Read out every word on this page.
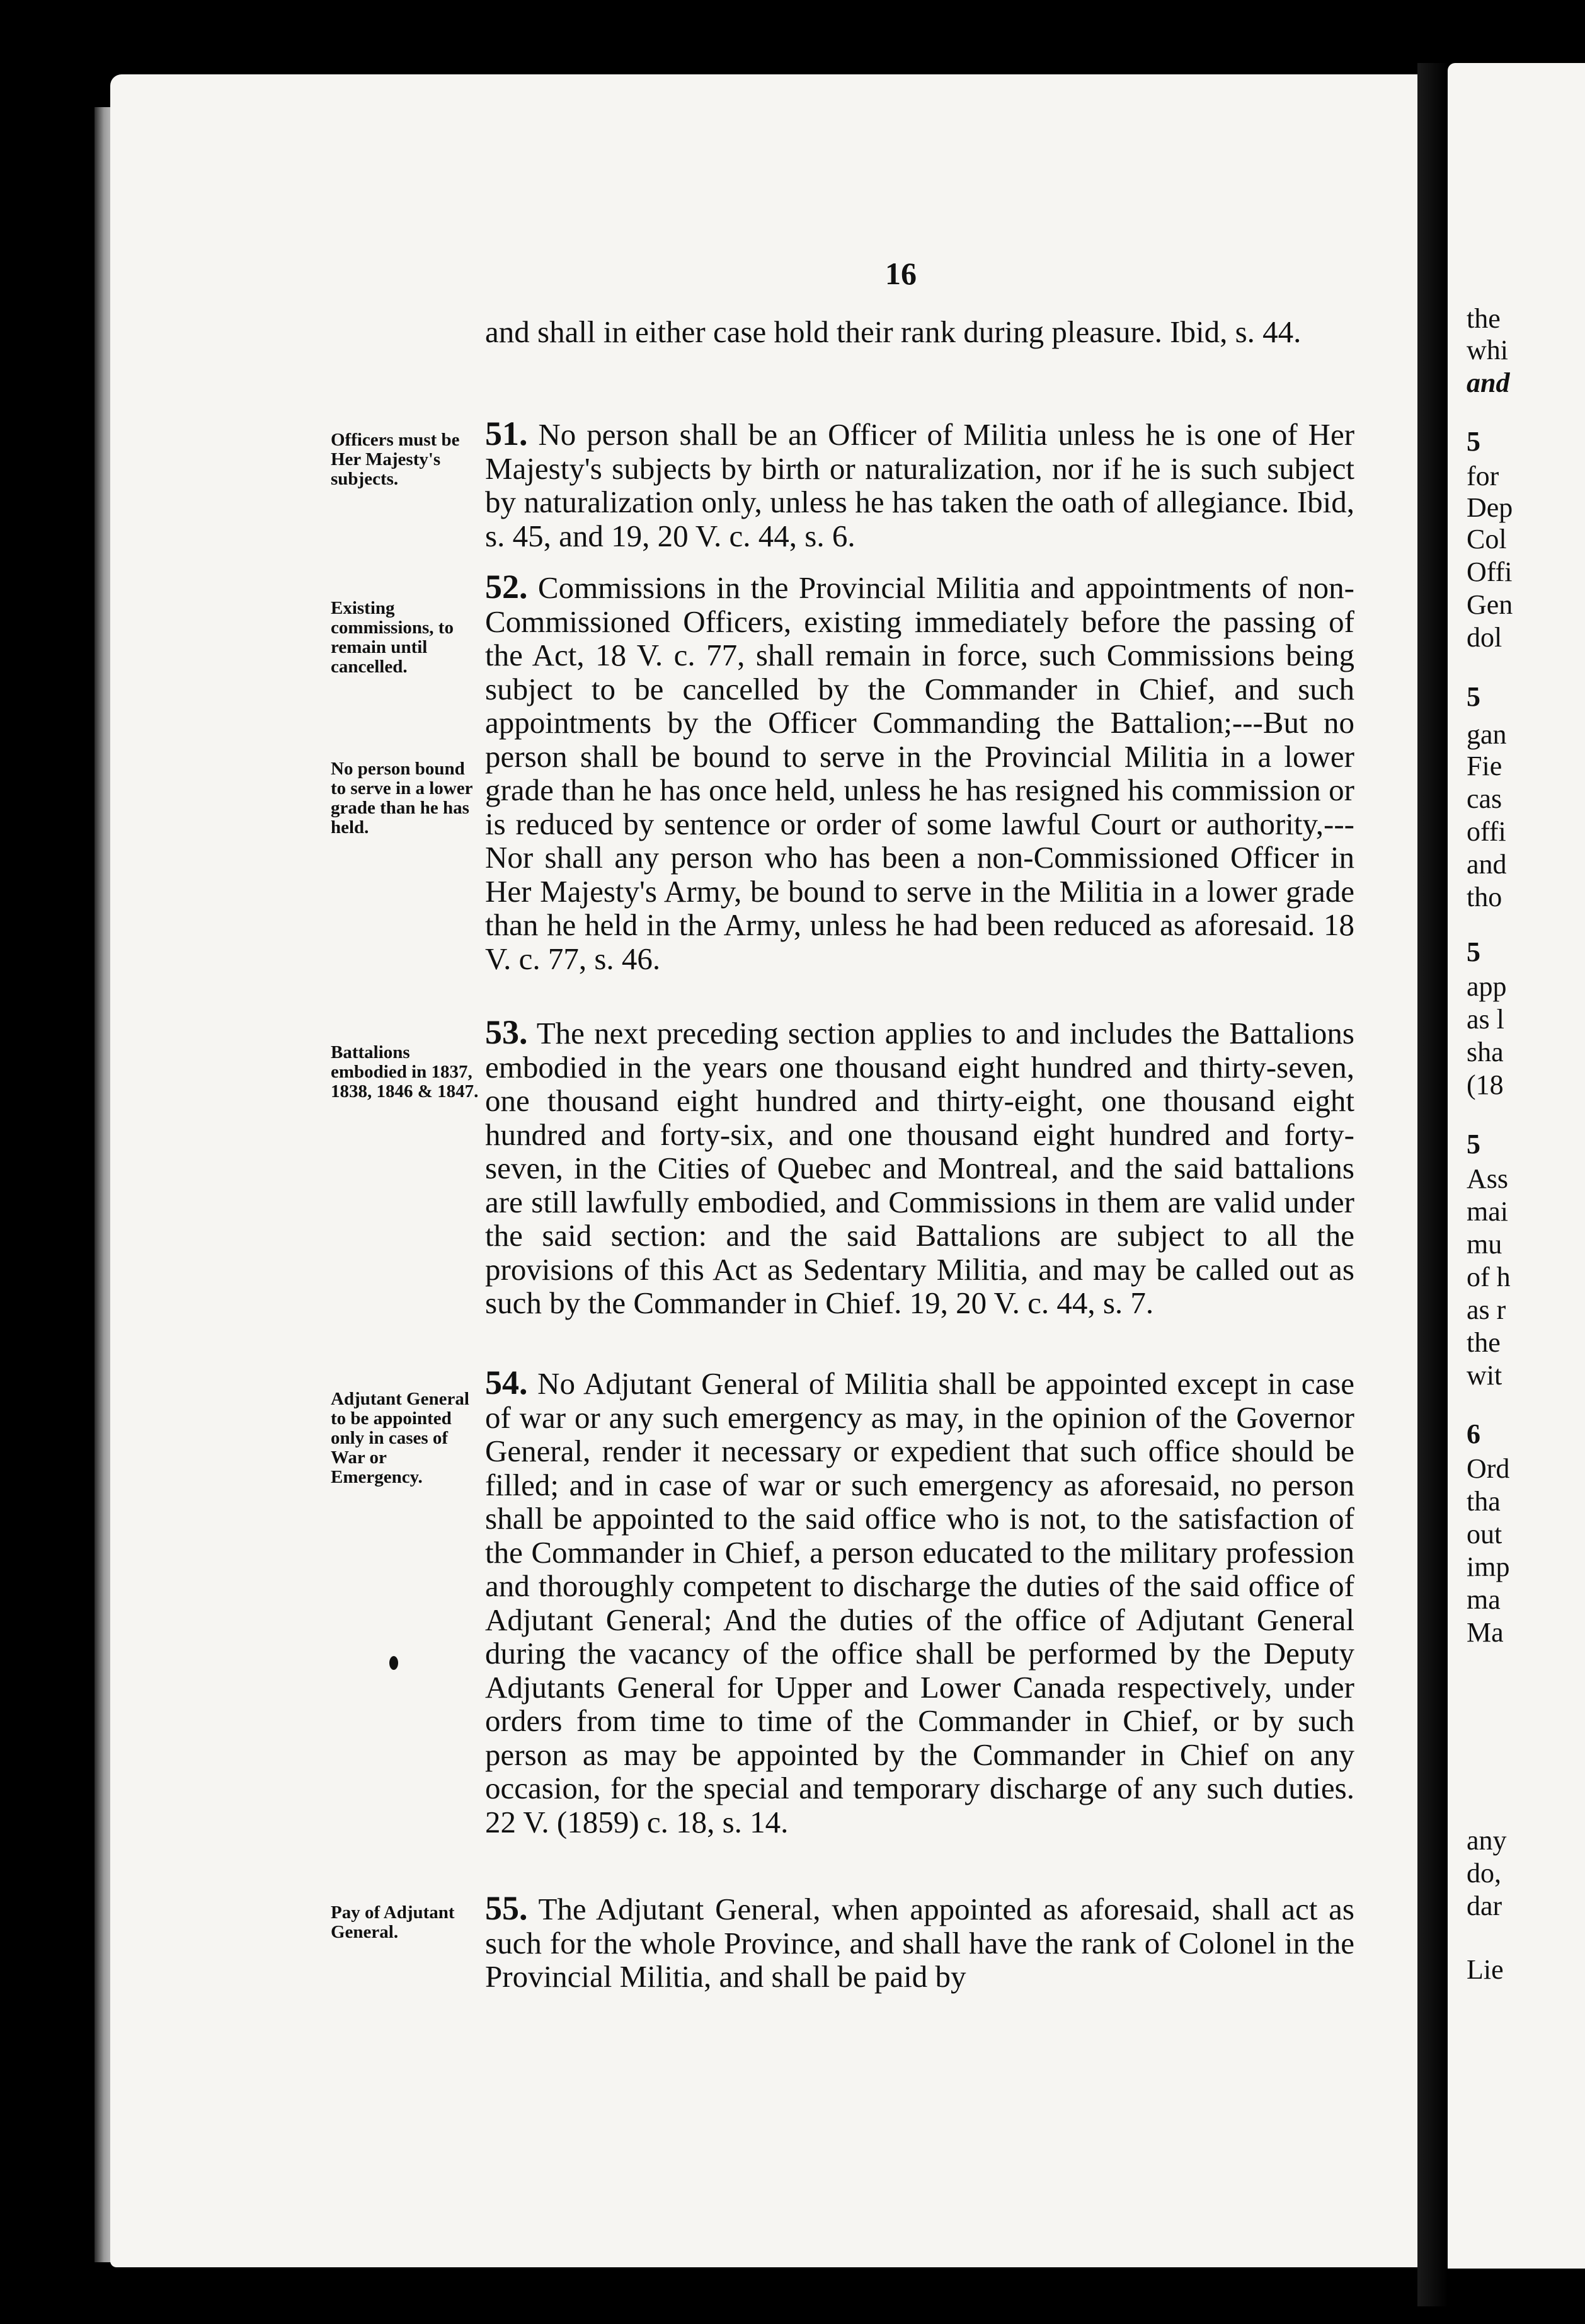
the
whi
and
5
for
Dep
Col
Offi
Gen
dol
5
gan
Fie
cas
offi
and
tho
5
app
as l
sha
(18
5
Ass
mai
mu
of h
as r
the
wit
6
Ord
tha
out
imp
ma
Ma
any
do,
dar
Lie
16

and shall in either case hold their rank during pleasure. Ibid, s. 44.

Officers must be Her Majesty's subjects.

51. No person shall be an Officer of Militia unless he is one of Her Majesty's subjects by birth or naturalization, nor if he is such subject by naturalization only, unless he has taken the oath of allegiance. Ibid, s. 45, and 19, 20 V. c. 44, s. 6.

Existing commissions, to remain until cancelled.
No person bound to serve in a lower grade than he has held.

52. Commissions in the Provincial Militia and appointments of non-Commissioned Officers, existing immediately before the passing of the Act, 18 V. c. 77, shall remain in force, such Commissions being subject to be cancelled by the Commander in Chief, and such appointments by the Officer Commanding the Battalion;---But no person shall be bound to serve in the Provincial Militia in a lower grade than he has once held, unless he has resigned his commission or is reduced by sentence or order of some lawful Court or authority,---Nor shall any person who has been a non-Commissioned Officer in Her Majesty's Army, be bound to serve in the Militia in a lower grade than he held in the Army, unless he had been reduced as aforesaid. 18 V. c. 77, s. 46.

Battalions embodied in 1837, 1838, 1846 & 1847.

53. The next preceding section applies to and includes the Battalions embodied in the years one thousand eight hundred and thirty-seven, one thousand eight hundred and thirty-eight, one thousand eight hundred and forty-six, and one thousand eight hundred and forty-seven, in the Cities of Quebec and Montreal, and the said battalions are still lawfully embodied, and Commissions in them are valid under the said section: and the said Battalions are subject to all the provisions of this Act as Sedentary Militia, and may be called out as such by the Commander in Chief. 19, 20 V. c. 44, s. 7.

Adjutant General to be appointed only in cases of War or Emergency.

54. No Adjutant General of Militia shall be appointed except in case of war or any such emergency as may, in the opinion of the Governor General, render it necessary or expedient that such office should be filled; and in case of war or such emergency as aforesaid, no person shall be appointed to the said office who is not, to the satisfaction of the Commander in Chief, a person educated to the military profession and thoroughly competent to discharge the duties of the said office of Adjutant General; And the duties of the office of Adjutant General during the vacancy of the office shall be performed by the Deputy Adjutants General for Upper and Lower Canada respectively, under orders from time to time of the Commander in Chief, or by such person as may be appointed by the Commander in Chief on any occasion, for the special and temporary discharge of any such duties. 22 V. (1859) c. 18, s. 14.

Pay of Adjutant General.

55. The Adjutant General, when appointed as aforesaid, shall act as such for the whole Province, and shall have the rank of Colonel in the Provincial Militia, and shall be paid by
